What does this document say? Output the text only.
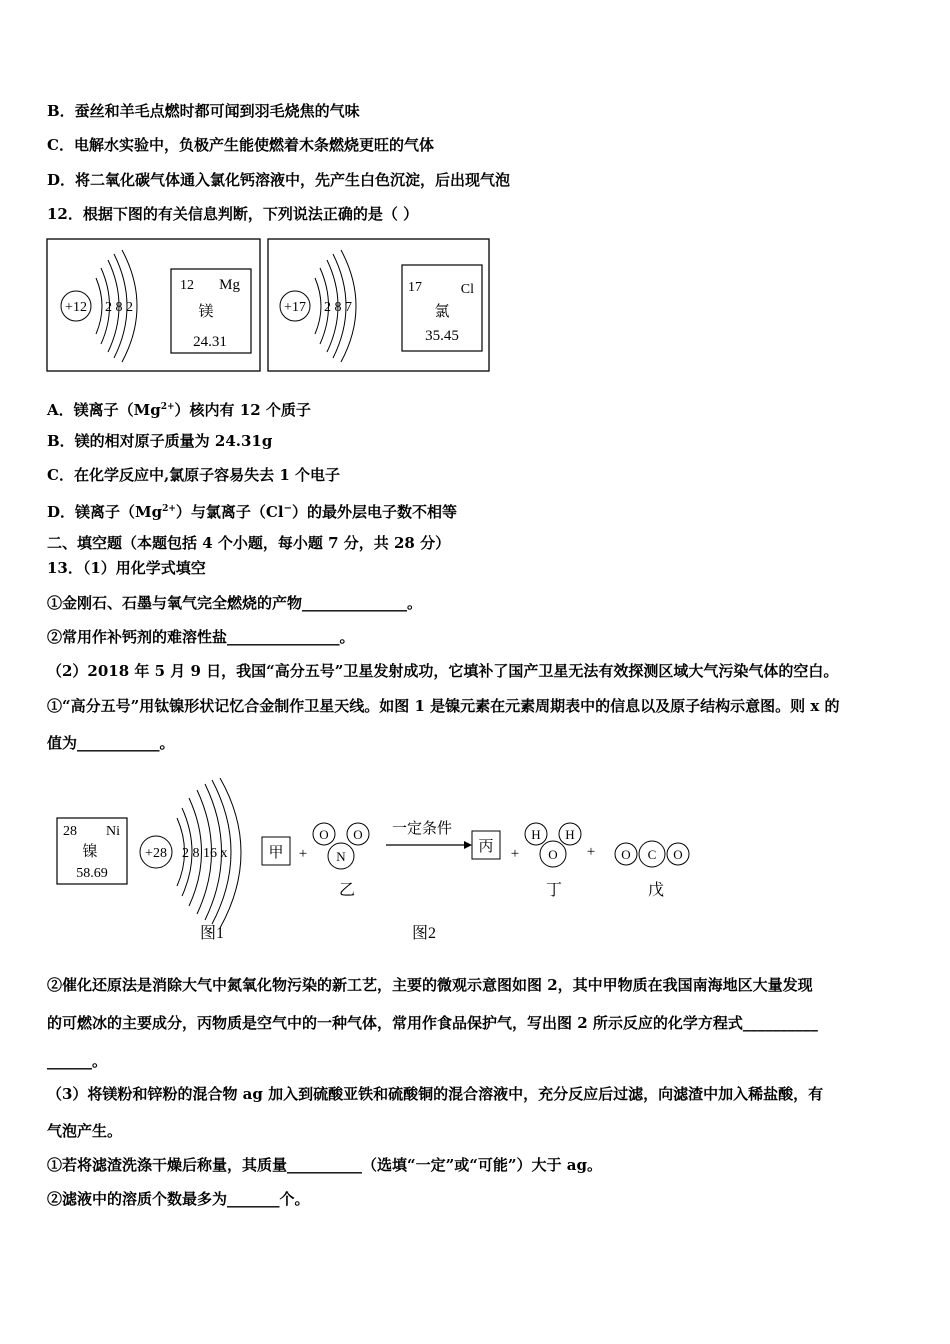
B．蚕丝和羊毛点燃时都可闻到羽毛烧焦的气味
C．电解水实验中，负极产生能使燃着木条燃烧更旺的气体
D．将二氧化碳气体通入氯化钙溶液中，先产生白色沉淀，后出现气泡
12．根据下图的有关信息判断，下列说法正确的是（ ）
+12 2 8 2
12 Mg
镁
24.31
+17 2 8 7
17	Cl
氯
35.45
A．镁离子$(Mg^{2+})$核内有 12 个质子
B．镁的相对原子质量为 24.31g
C．在化学反应中,氯原子容易失去 1 个电子
D．镁离子$(Mg^{2+})$与氯离子（Cl−）的最外层电子数不相等
二、填空题（本题包括 4 个小题，每小题 7 分，共 28 分）
13．（1）用化学式填空
①金刚石、石墨与氧气完全燃烧的产物______________。
②常用作补钙剂的难溶性盐_______________。
（2）2018 年 5 月 9 日，我国“高分五号”卫星发射成功，它填补了国产卫星无法有效探测区域大气污染气体的空白。
①“高分五号”用钛镍形状记忆合金制作卫星天线。如图 1 是镍元素在元素周期表中的信息以及原子结构示意图。则 x 的
值为___________。
28 Ni
镍
58.69
+28 2 8 16 x
图1
甲 +
O O
N
乙
一定条件
丙 +
H H
O
丁
+ O C O
戊
图2
②催化还原法是消除大气中氮氧化物污染的新工艺，主要的微观示意图如图 2，其中甲物质在我国南海地区大量发现
的可燃冰的主要成分，丙物质是空气中的一种气体，常用作食品保护气，写出图 2 所示反应的化学方程式__________
______。
（3）将镁粉和锌粉的混合物 ag 加入到硫酸亚铁和硫酸铜的混合溶液中，充分反应后过滤，向滤渣中加入稀盐酸，有
气泡产生。
①若将滤渣洗涤干燥后称量，其质量__________（选填“一定”或“可能”）大于 ag。
②滤液中的溶质个数最多为_______个。
